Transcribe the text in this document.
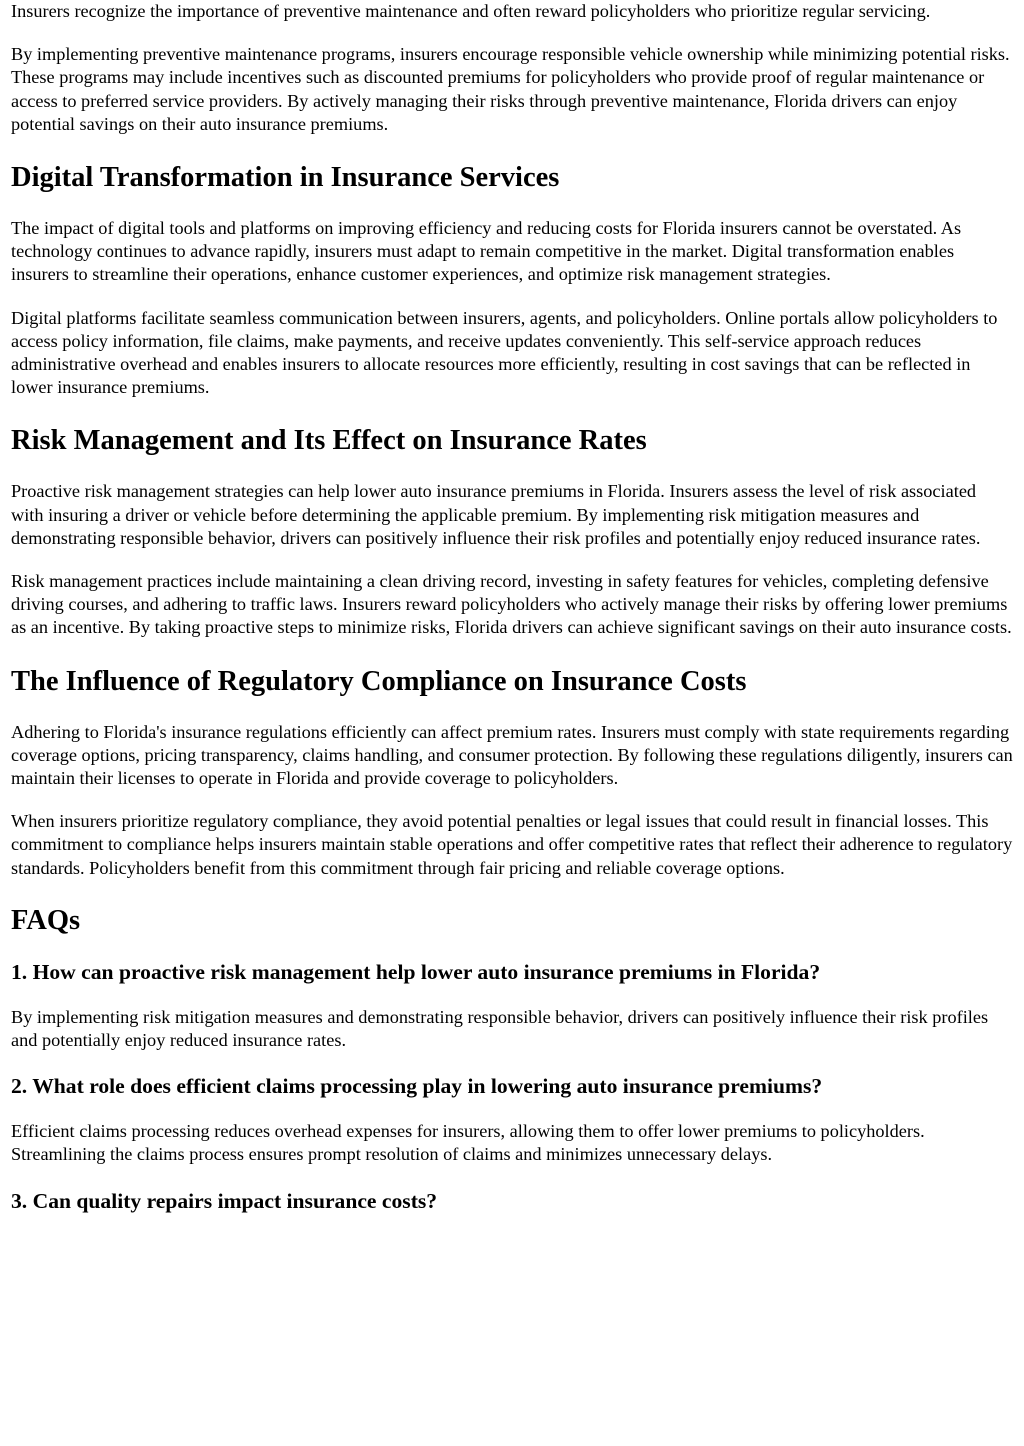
Insurers recognize the importance of preventive maintenance and often reward policyholders who prioritize regular servicing.

By implementing preventive maintenance programs, insurers encourage responsible vehicle ownership while minimizing potential risks. These programs may include incentives such as discounted premiums for policyholders who provide proof of regular maintenance or access to preferred service providers. By actively managing their risks through preventive maintenance, Florida drivers can enjoy potential savings on their auto insurance premiums.

Digital Transformation in Insurance Services

The impact of digital tools and platforms on improving efficiency and reducing costs for Florida insurers cannot be overstated. As technology continues to advance rapidly, insurers must adapt to remain competitive in the market. Digital transformation enables insurers to streamline their operations, enhance customer experiences, and optimize risk management strategies.

Digital platforms facilitate seamless communication between insurers, agents, and policyholders. Online portals allow policyholders to access policy information, file claims, make payments, and receive updates conveniently. This self-service approach reduces administrative overhead and enables insurers to allocate resources more efficiently, resulting in cost savings that can be reflected in lower insurance premiums.

Risk Management and Its Effect on Insurance Rates

Proactive risk management strategies can help lower auto insurance premiums in Florida. Insurers assess the level of risk associated with insuring a driver or vehicle before determining the applicable premium. By implementing risk mitigation measures and demonstrating responsible behavior, drivers can positively influence their risk profiles and potentially enjoy reduced insurance rates.

Risk management practices include maintaining a clean driving record, investing in safety features for vehicles, completing defensive driving courses, and adhering to traffic laws. Insurers reward policyholders who actively manage their risks by offering lower premiums as an incentive. By taking proactive steps to minimize risks, Florida drivers can achieve significant savings on their auto insurance costs.

The Influence of Regulatory Compliance on Insurance Costs

Adhering to Florida's insurance regulations efficiently can affect premium rates. Insurers must comply with state requirements regarding coverage options, pricing transparency, claims handling, and consumer protection. By following these regulations diligently, insurers can maintain their licenses to operate in Florida and provide coverage to policyholders.

When insurers prioritize regulatory compliance, they avoid potential penalties or legal issues that could result in financial losses. This commitment to compliance helps insurers maintain stable operations and offer competitive rates that reflect their adherence to regulatory standards. Policyholders benefit from this commitment through fair pricing and reliable coverage options.

FAQs
1. How can proactive risk management help lower auto insurance premiums in Florida?

By implementing risk mitigation measures and demonstrating responsible behavior, drivers can positively influence their risk profiles and potentially enjoy reduced insurance rates.

2. What role does efficient claims processing play in lowering auto insurance premiums?

Efficient claims processing reduces overhead expenses for insurers, allowing them to offer lower premiums to policyholders. Streamlining the claims process ensures prompt resolution of claims and minimizes unnecessary delays.

3. Can quality repairs impact insurance costs?
